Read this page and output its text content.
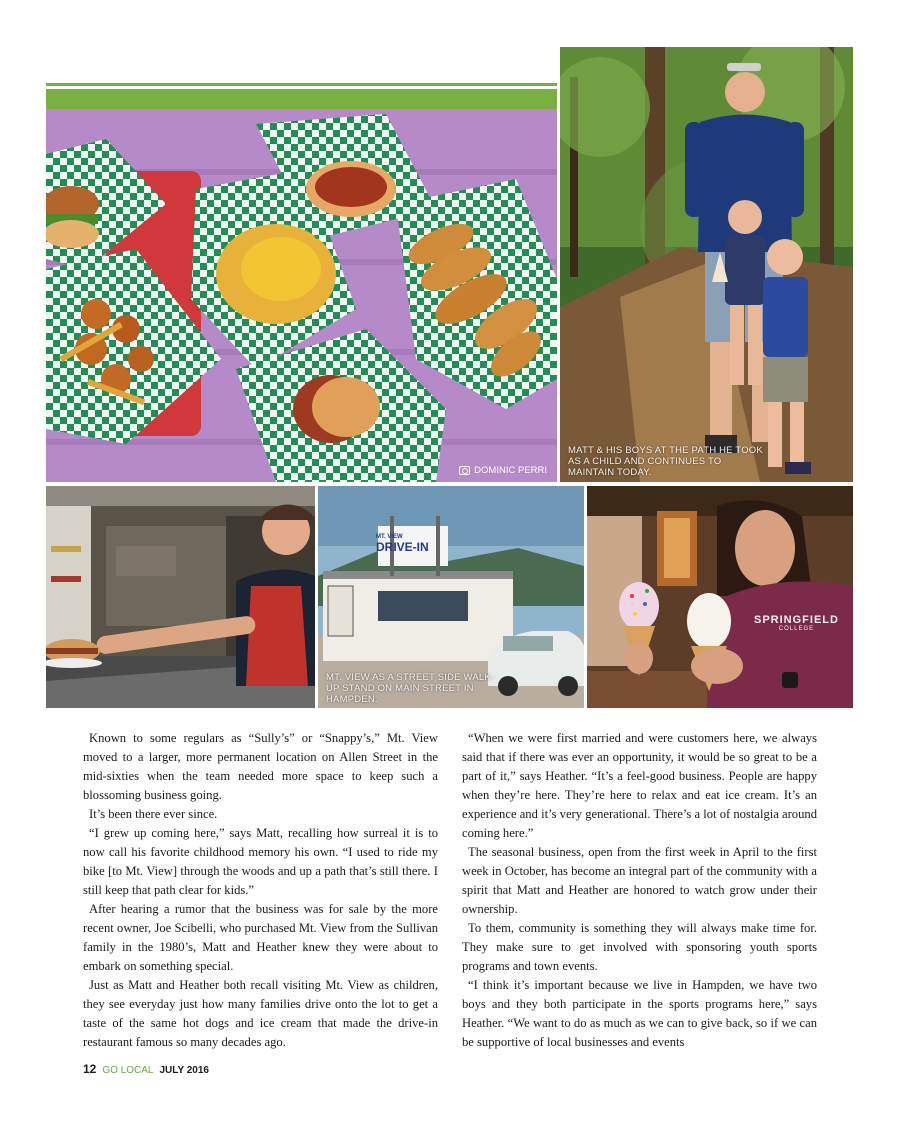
DOMINIC PERRI
MATT & HIS BOYS AT THE PATH HE TOOK AS A CHILD AND CONTINUES TO MAINTAIN TODAY.
MT. VIEW
DRIVE-IN
MT. VIEW AS A STREET SIDE WALK-UP STAND ON MAIN STREET IN HAMPDEN.
SPRINGFIELD
COLLEGE

Known to some regulars as “Sully’s” or “Snappy’s,” Mt. View moved to a larger, more permanent location on Allen Street in the mid-sixties when the team needed more space to keep such a blossoming business going.

It’s been there ever since.

“I grew up coming here,” says Matt, recalling how surreal it is to now call his favorite childhood memory his own. “I used to ride my bike [to Mt. View] through the woods and up a path that’s still there. I still keep that path clear for kids.”

After hearing a rumor that the business was for sale by the more recent owner, Joe Scibelli, who purchased Mt. View from the Sullivan family in the 1980’s, Matt and Heather knew they were about to embark on something special.

Just as Matt and Heather both recall visiting Mt. View as children, they see everyday just how many families drive onto the lot to get a taste of the same hot dogs and ice cream that made the drive-in restaurant famous so many decades ago.

“When we were first married and were customers here, we always said that if there was ever an opportunity, it would be so great to be a part of it,” says Heather. “It’s a feel-good business. People are happy when they’re here. They’re here to relax and eat ice cream. It’s an experience and it’s very generational. There’s a lot of nostalgia around coming here.”

The seasonal business, open from the first week in April to the first week in October, has become an integral part of the community with a spirit that Matt and Heather are honored to watch grow under their ownership.

To them, community is something they will always make time for. They make sure to get involved with sponsoring youth sports programs and town events.

“I think it’s important because we live in Hampden, we have two boys and they both participate in the sports programs here,” says Heather. “We want to do as much as we can to give back, so if we can be supportive of local businesses and events

12 GO LOCAL JULY 2016
